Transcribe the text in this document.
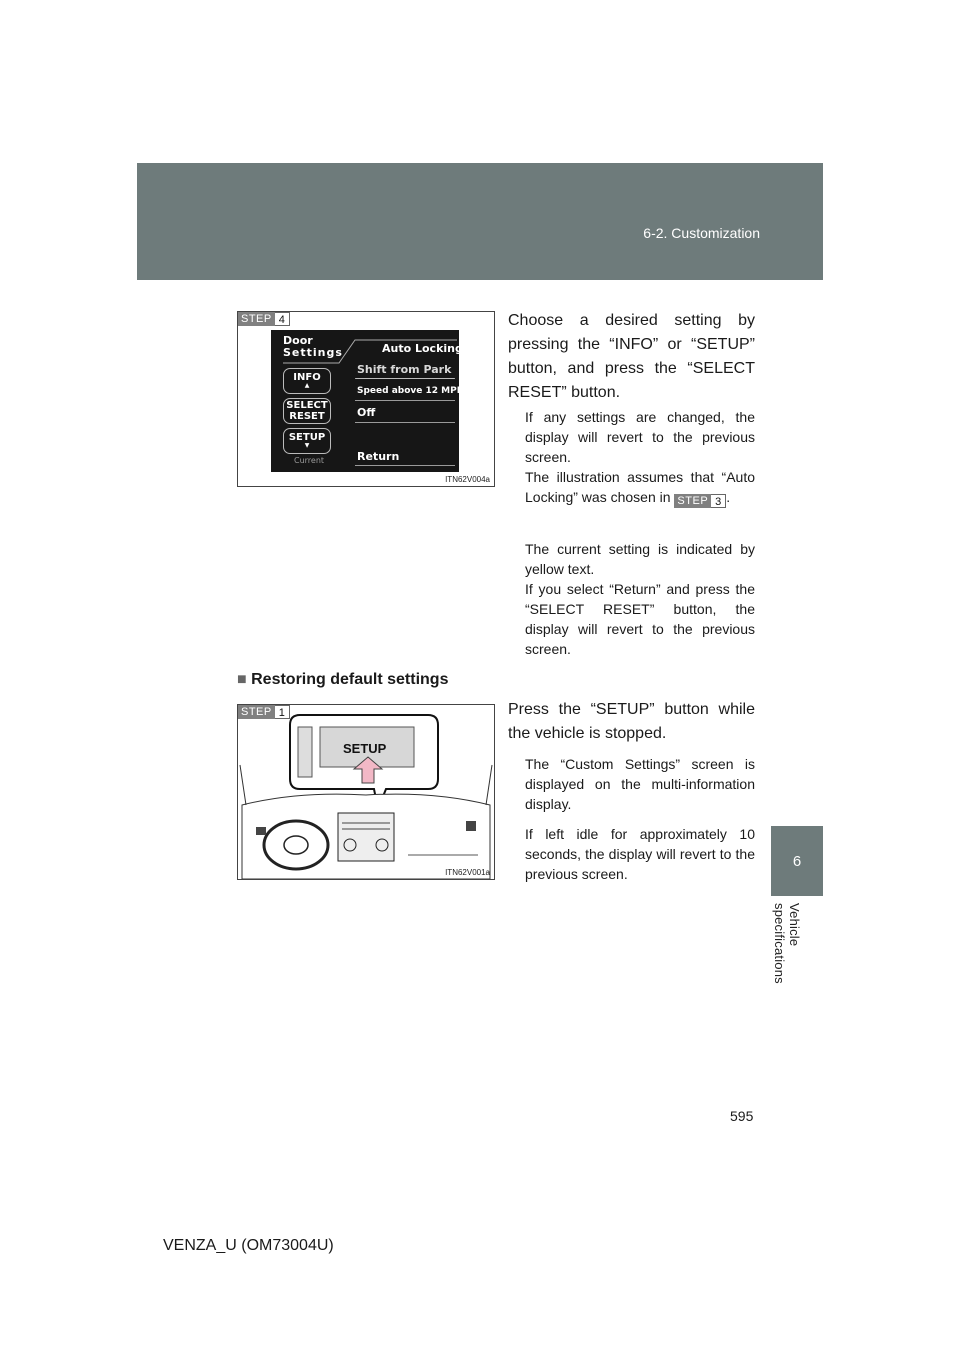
6-2. Customization
6
Vehicle specifications
STEP 4
Door
Settings	Auto Locking
Shift from Park
Speed above 12 MPH
Off
Return
INFO
▲
SELECT
RESET
SETUP
▼
Current
ITN62V004a
Choose a desired setting by pressing the “INFO” or “SETUP” button, and press the “SELECT RESET” button.
If any settings are changed, the display will revert to the previous screen.
The illustration assumes that “Auto Locking” was chosen in STEP 3 .
The current setting is indicated by yellow text.
If you select “Return” and press the “SELECT RESET” button, the display will revert to the previous screen.
■ Restoring default settings
STEP 1
SETUP
ITN62V001a
Press the “SETUP” button while the vehicle is stopped.
The “Custom Settings” screen is displayed on the multi-information display.
If left idle for approximately 10 seconds, the display will revert to the previous screen.
595
VENZA_U (OM73004U)
